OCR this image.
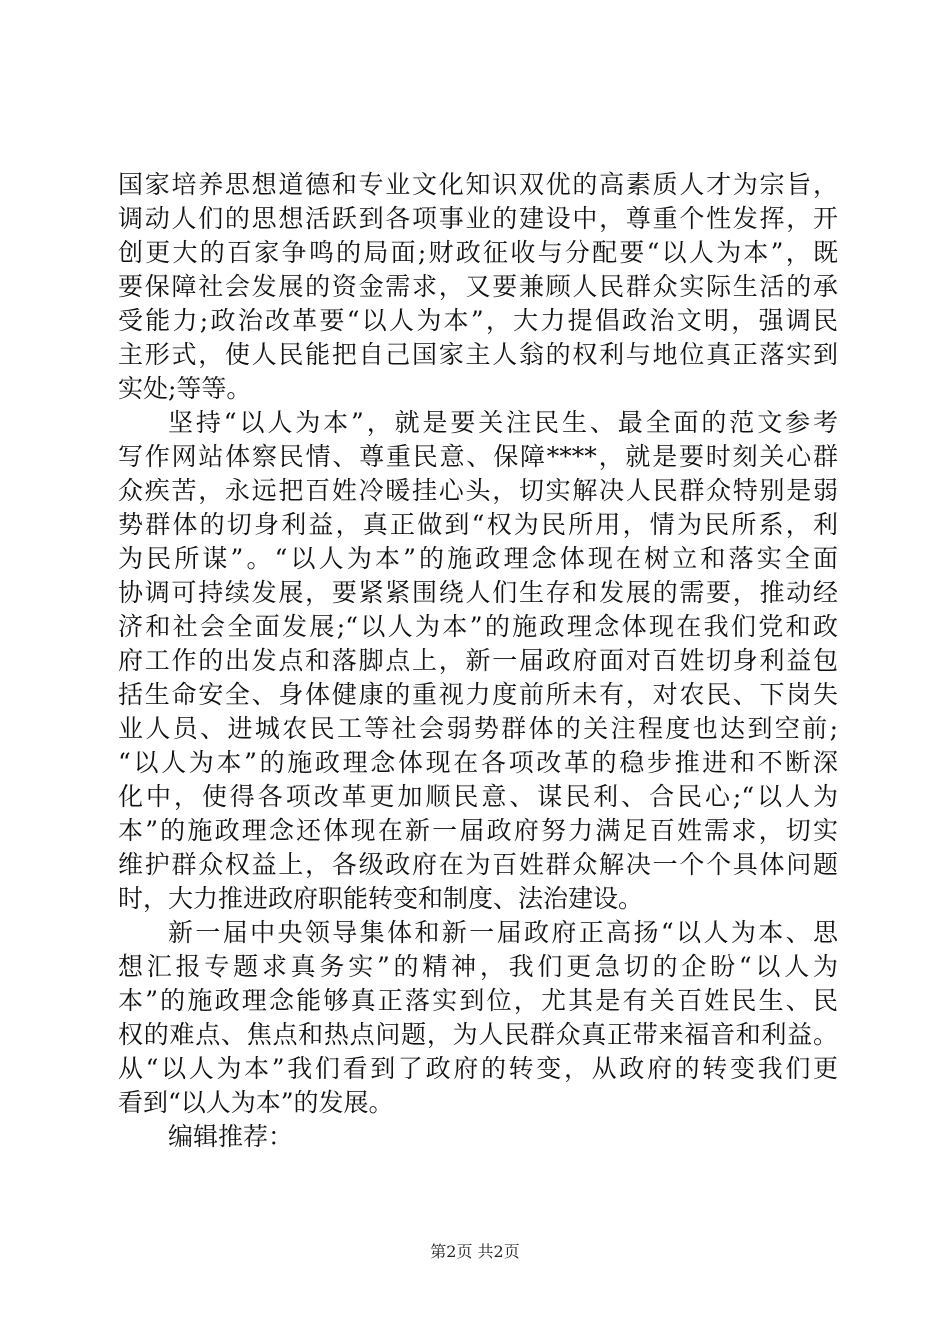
国家培养思想道德和专业文化知识双优的高素质人才为宗旨，
调动人们的思想活跃到各项事业的建设中，尊重个性发挥，开
创更大的百家争鸣的局面;财政征收与分配要“以人为本”，既
要保障社会发展的资金需求，又要兼顾人民群众实际生活的承
受能力;政治改革要“以人为本”，大力提倡政治文明，强调民
主形式，使人民能把自己国家主人翁的权利与地位真正落实到
实处;等等。
坚持“以人为本”，就是要关注民生、最全面的范文参考
写作网站体察民情、尊重民意、保障****，就是要时刻关心群
众疾苦，永远把百姓冷暖挂心头，切实解决人民群众特别是弱
势群体的切身利益，真正做到“权为民所用，情为民所系，利
为民所谋”。“以人为本”的施政理念体现在树立和落实全面
协调可持续发展，要紧紧围绕人们生存和发展的需要，推动经
济和社会全面发展;“以人为本”的施政理念体现在我们党和政
府工作的出发点和落脚点上，新一届政府面对百姓切身利益包
括生命安全、身体健康的重视力度前所未有，对农民、下岗失
业人员、进城农民工等社会弱势群体的关注程度也达到空前;
“以人为本”的施政理念体现在各项改革的稳步推进和不断深
化中，使得各项改革更加顺民意、谋民利、合民心;“以人为
本”的施政理念还体现在新一届政府努力满足百姓需求，切实
维护群众权益上，各级政府在为百姓群众解决一个个具体问题
时，大力推进政府职能转变和制度、法治建设。
新一届中央领导集体和新一届政府正高扬“以人为本、思
想汇报专题求真务实”的精神，我们更急切的企盼“以人为
本”的施政理念能够真正落实到位，尤其是有关百姓民生、民
权的难点、焦点和热点问题，为人民群众真正带来福音和利益。
从“以人为本”我们看到了政府的转变，从政府的转变我们更
看到“以人为本”的发展。
编辑推荐：
第2页 共2页
